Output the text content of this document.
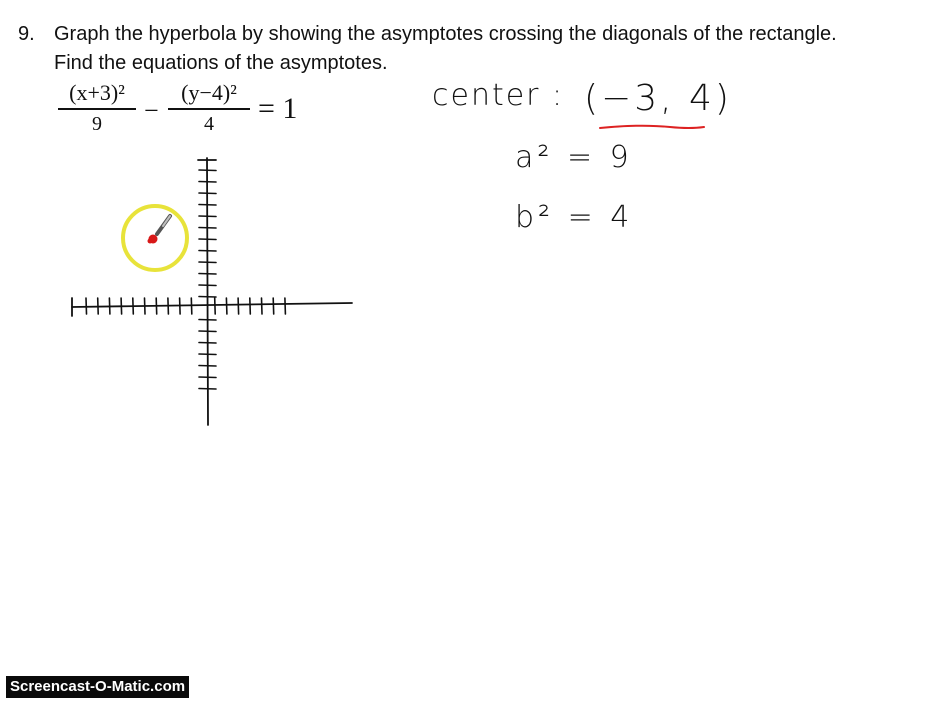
9. Graph the hyperbola by showing the asymptotes crossing the diagonals of the rectangle.
Find the equations of the asymptotes.
(x+3)²
9	−
(y−4)²
4	= 1	center : (−3, 4)
a² = 9
b² = 4
Screencast-O-Matic.com
